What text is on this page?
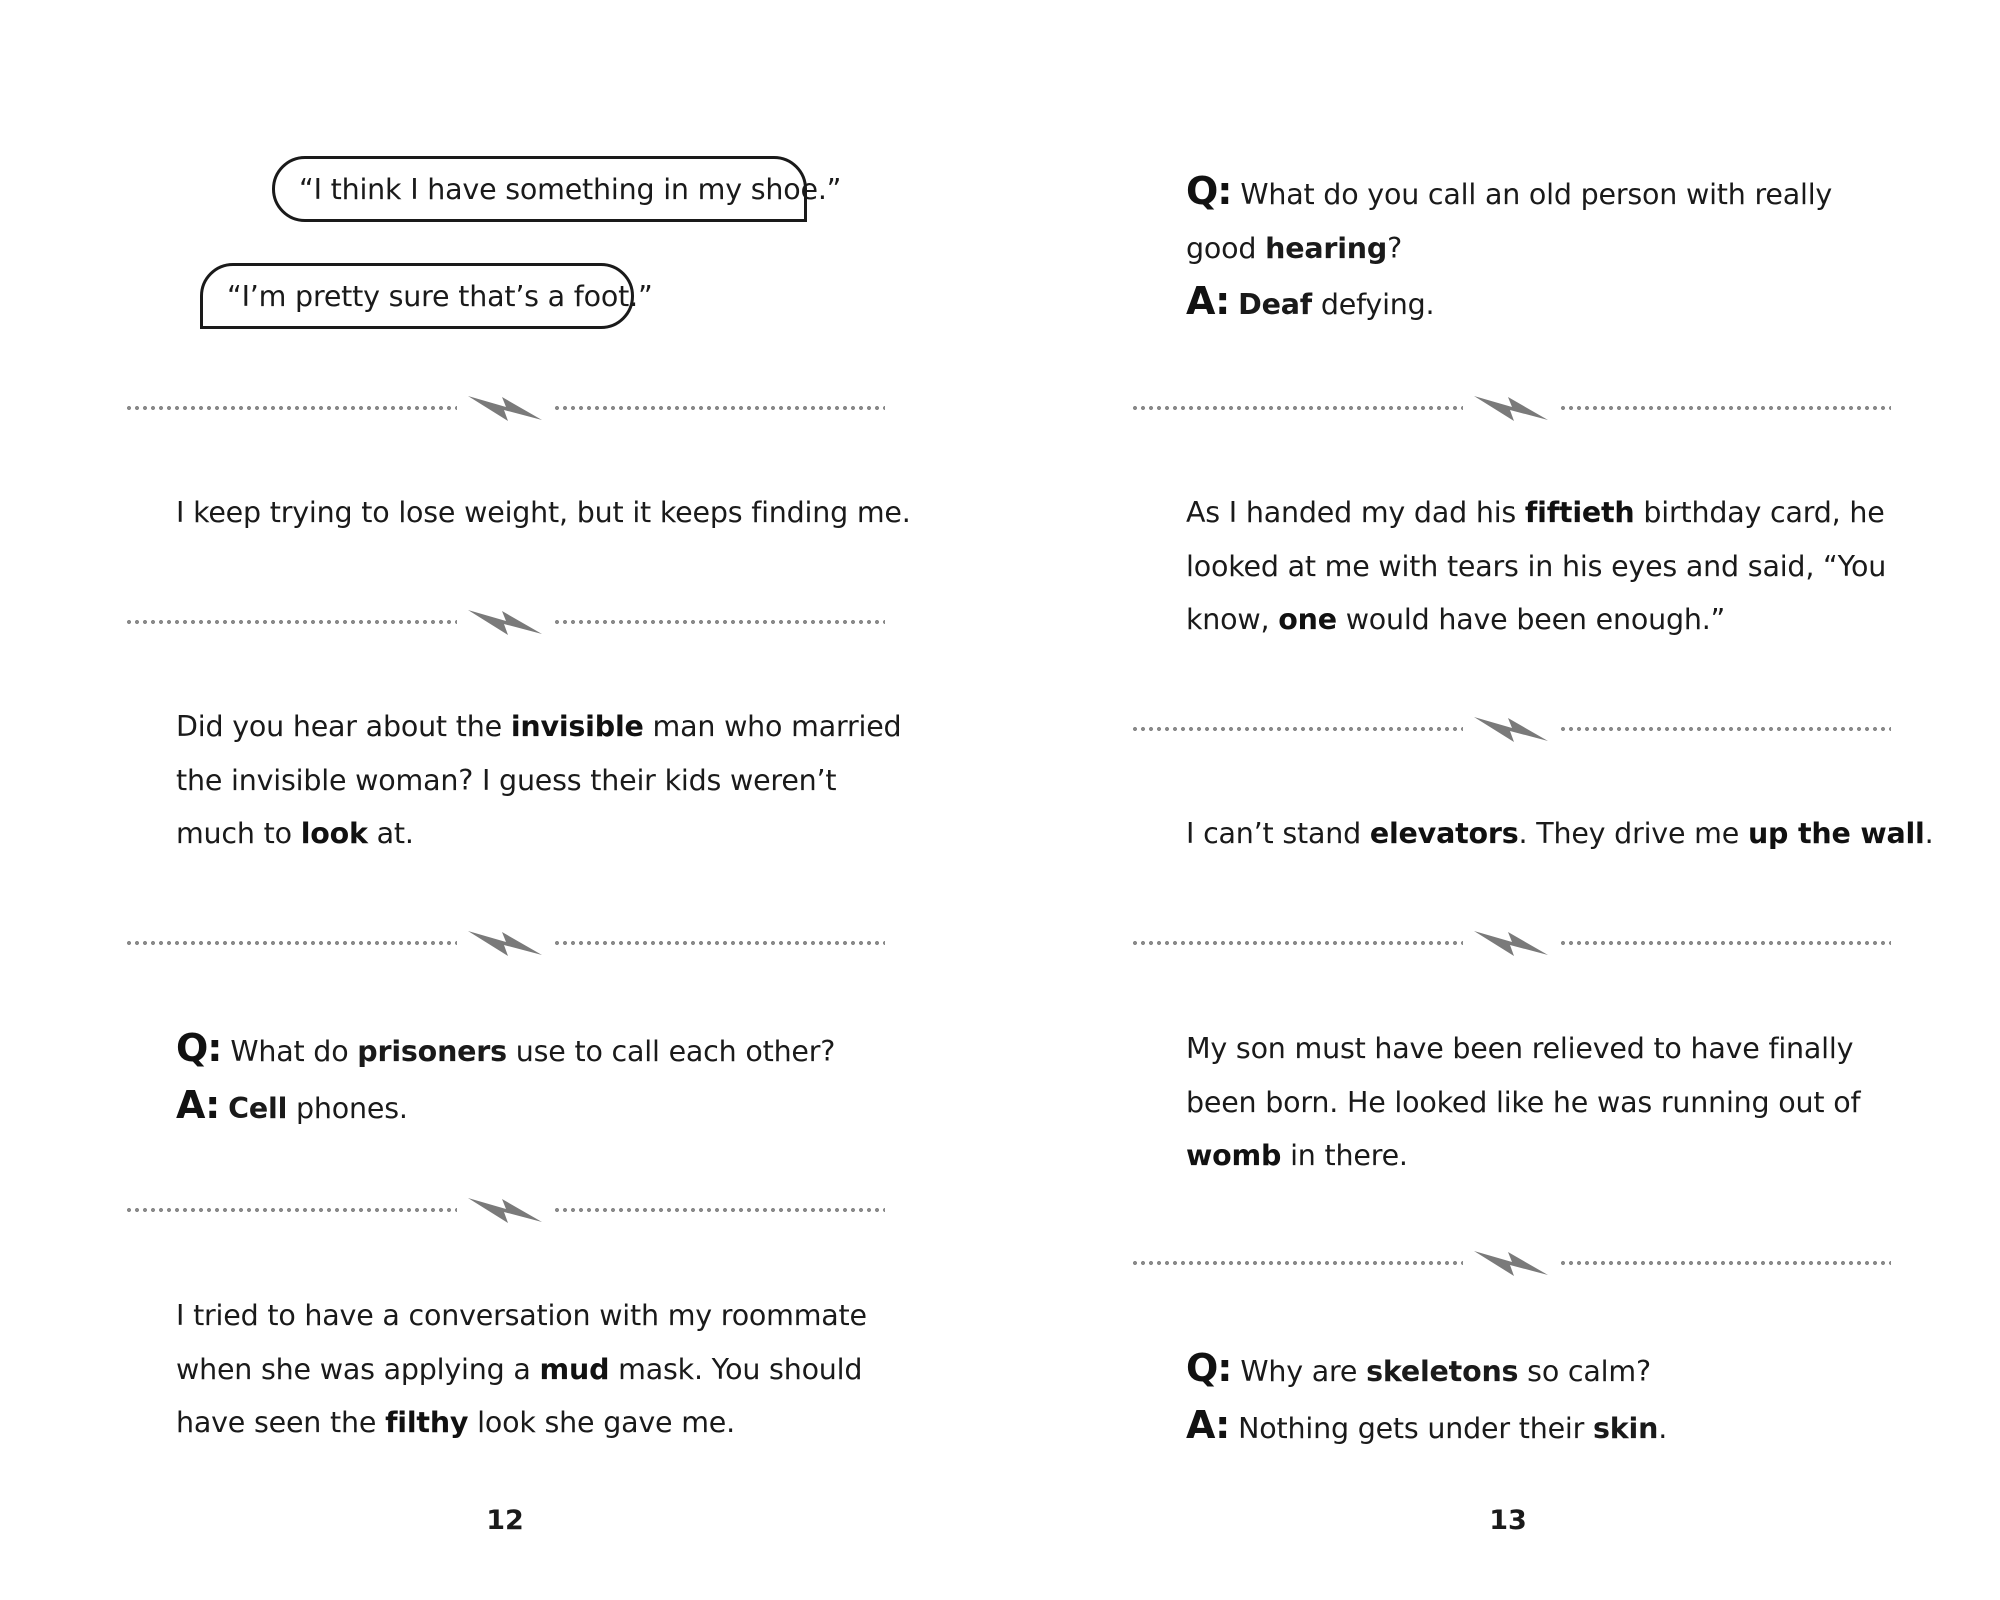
“I think I have something in my shoe.”
“I’m pretty sure that’s a foot.”
I keep trying to lose weight, but it keeps finding me.
Did you hear about the invisible man who married
the invisible woman? I guess their kids weren’t
much to look at.
Q: What do prisoners use to call each other?
A: Cell phones.
I tried to have a conversation with my roommate
when she was applying a mud mask. You should
have seen the filthy look she gave me.
12
Q: What do you call an old person with really
good hearing?
A: Deaf defying.
As I handed my dad his fiftieth birthday card, he
looked at me with tears in his eyes and said, “You
know, one would have been enough.”
I can’t stand elevators. They drive me up the wall.
My son must have been relieved to have finally
been born. He looked like he was running out of
womb in there.
Q: Why are skeletons so calm?
A: Nothing gets under their skin.
13
